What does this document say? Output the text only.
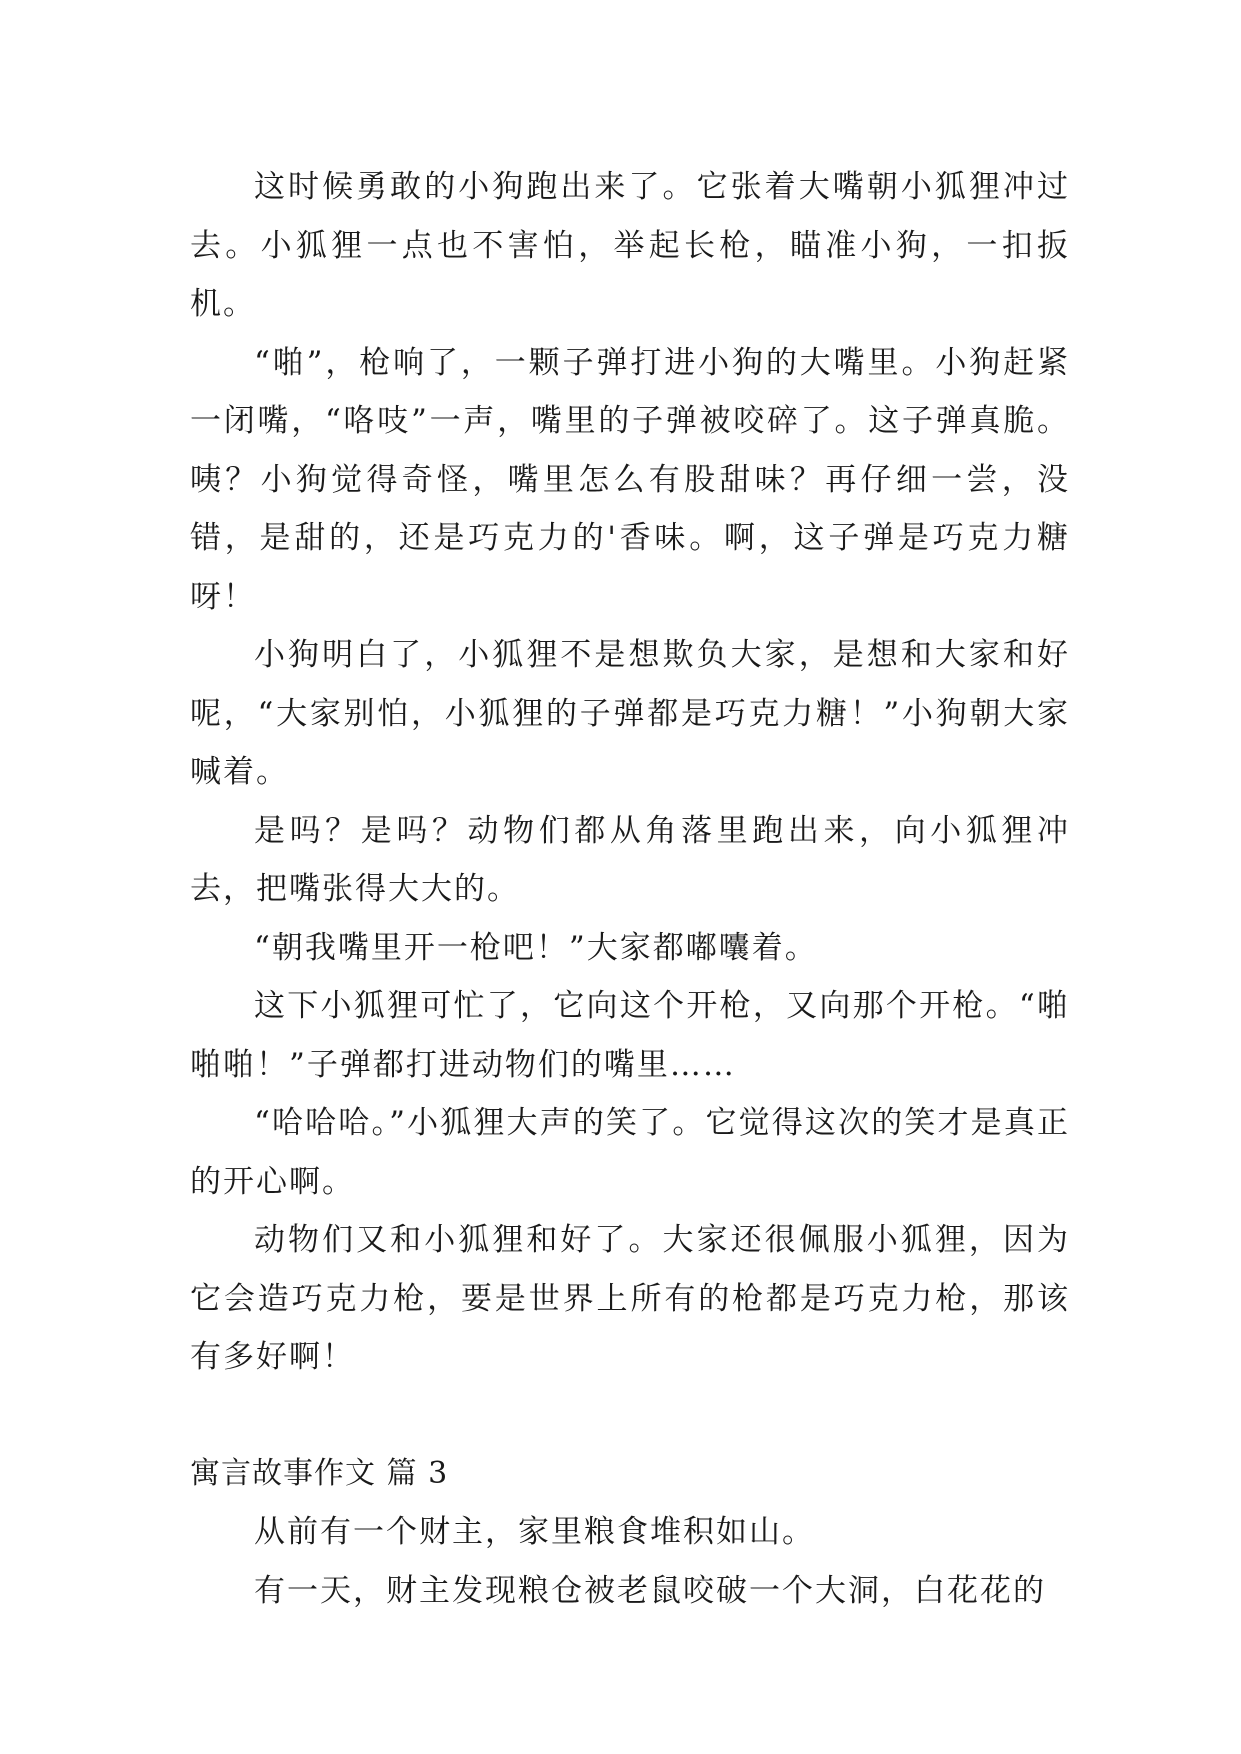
这时候勇敢的小狗跑出来了。它张着大嘴朝小狐狸冲过去。小狐狸一点也不害怕，举起长枪，瞄准小狗，一扣扳机。

“啪”，枪响了，一颗子弹打进小狗的大嘴里。小狗赶紧一闭嘴，“咯吱”一声，嘴里的子弹被咬碎了。这子弹真脆。咦？小狗觉得奇怪，嘴里怎么有股甜味？再仔细一尝，没错，是甜的，还是巧克力的'香味。啊，这子弹是巧克力糖呀！

小狗明白了，小狐狸不是想欺负大家，是想和大家和好呢，“大家别怕，小狐狸的子弹都是巧克力糖！”小狗朝大家喊着。

是吗？是吗？动物们都从角落里跑出来，向小狐狸冲去，把嘴张得大大的。

“朝我嘴里开一枪吧！”大家都嘟囔着。

这下小狐狸可忙了，它向这个开枪，又向那个开枪。“啪啪啪！”子弹都打进动物们的嘴里……

“哈哈哈。”小狐狸大声的笑了。它觉得这次的笑才是真正的开心啊。

动物们又和小狐狸和好了。大家还很佩服小狐狸，因为它会造巧克力枪，要是世界上所有的枪都是巧克力枪，那该有多好啊！

寓言故事作文 篇 3

从前有一个财主，家里粮食堆积如山。

有一天，财主发现粮仓被老鼠咬破一个大洞，白花花的
